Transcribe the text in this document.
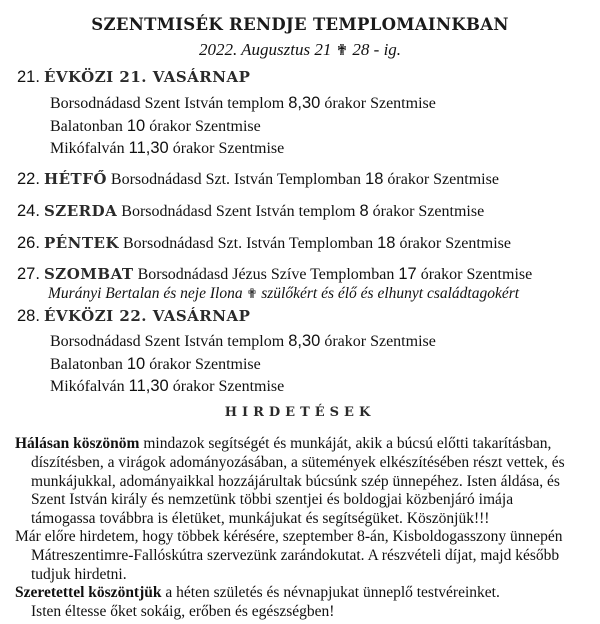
SZENTMISÉK RENDJE TEMPLOMAINKBAN
2022. Augusztus 21 ✟ 28 - ig.
21. ÉVKÖZI 21. VASÁRNAP
Borsodnádasd Szent István templom 8,30 órakor Szentmise
Balatonban 10 órakor Szentmise
Mikófalván 11,30 órakor Szentmise
22. HÉTFŐ Borsodnádasd Szt. István Templomban 18 órakor Szentmise
24. SZERDA Borsodnádasd Szent István templom 8 órakor Szentmise
26. PÉNTEK Borsodnádasd Szt. István Templomban 18 órakor Szentmise
27. SZOMBAT Borsodnádasd Jézus Szíve Templomban 17 órakor Szentmise
Murányi Bertalan és neje Ilona ✟ szülőkért és élő és elhunyt családtagokért
28. ÉVKÖZI 22. VASÁRNAP
Borsodnádasd Szent István templom 8,30 órakor Szentmise
Balatonban 10 órakor Szentmise
Mikófalván 11,30 órakor Szentmise
HIRDETÉSEK
Hálásan köszönöm mindazok segítségét és munkáját, akik a búcsú előtti takarításban,
díszítésben, a virágok adományozásában, a sütemények elkészítésében részt vettek, és
munkájukkal, adományaikkal hozzájárultak búcsúnk szép ünnepéhez. Isten áldása, és
Szent István király és nemzetünk többi szentjei és boldogjai közbenjáró imája
támogassa továbbra is életüket, munkájukat és segítségüket. Köszönjük!!!
Már előre hirdetem, hogy többek kérésére, szeptember 8-án, Kisboldogasszony ünnepén
Mátreszentimre-Fallóskútra szervezünk zarándokutat. A részvételi díjat, majd később
tudjuk hirdetni.
Szeretettel köszöntjük a héten születés és névnapjukat ünneplő testvéreinket.
Isten éltesse őket sokáig, erőben és egészségben!
